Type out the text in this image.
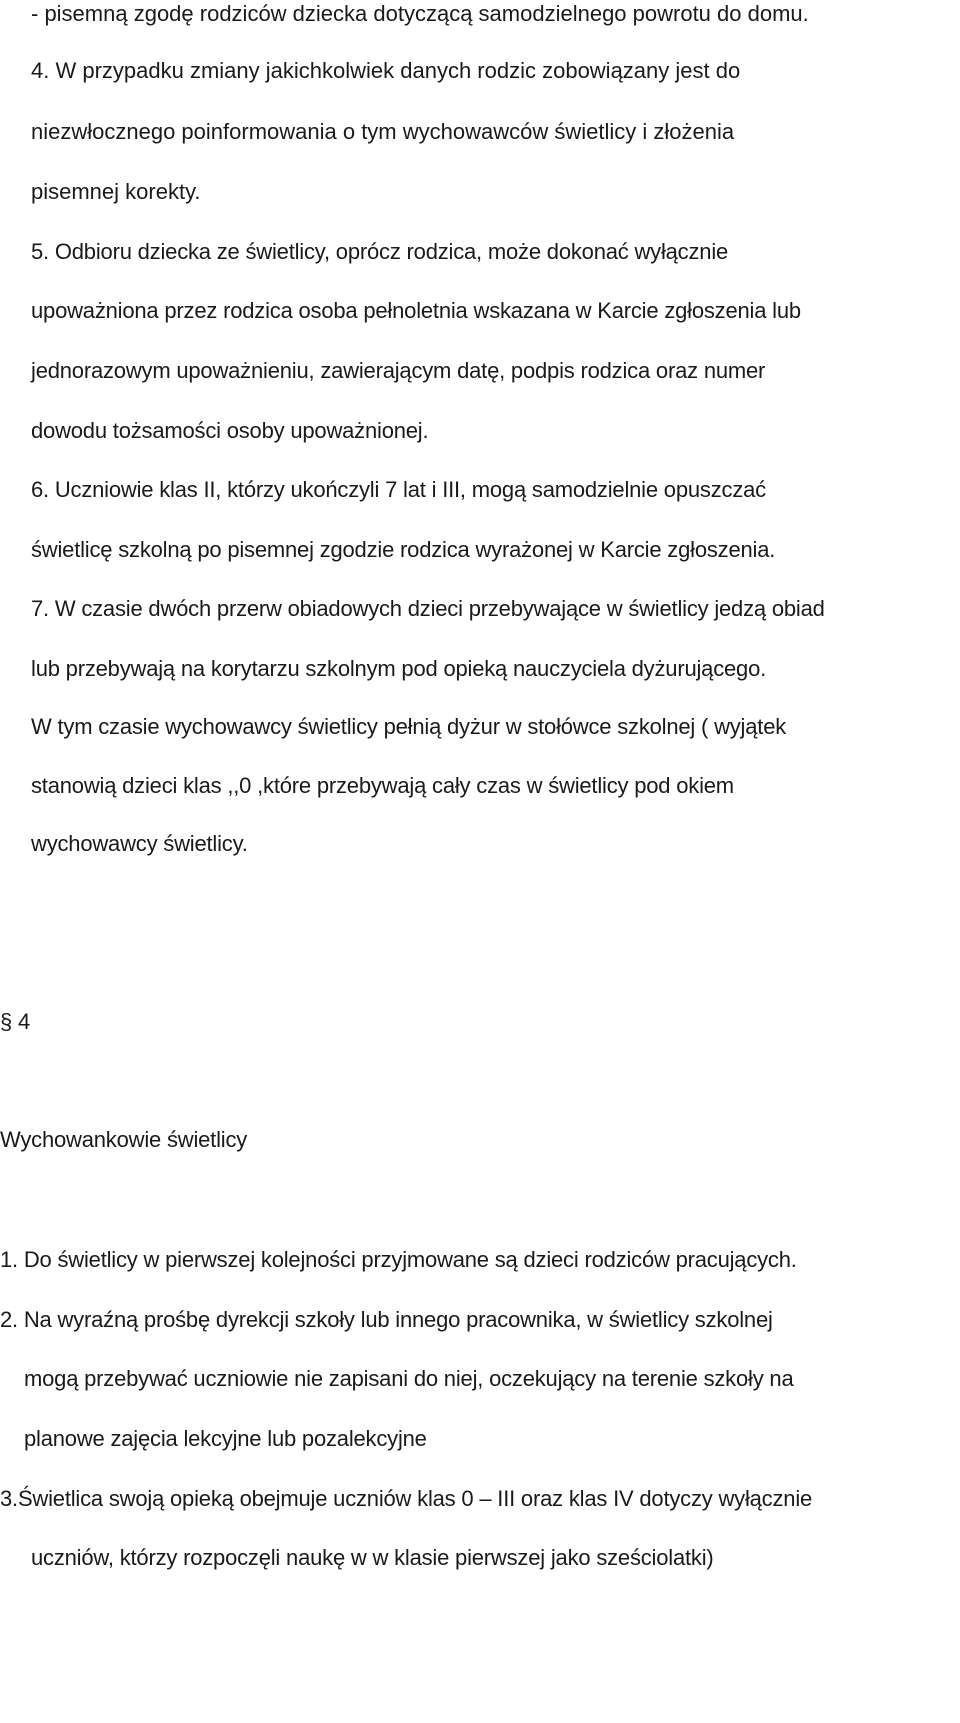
- pisemną zgodę rodziców dziecka dotyczącą samodzielnego powrotu do domu.
4. W przypadku zmiany jakichkolwiek danych rodzic zobowiązany jest do
niezwłocznego poinformowania o tym wychowawców świetlicy i złożenia
pisemnej korekty.
5. Odbioru dziecka ze świetlicy, oprócz rodzica, może dokonać wyłącznie
upoważniona przez rodzica osoba pełnoletnia wskazana w Karcie zgłoszenia lub
jednorazowym upoważnieniu, zawierającym datę, podpis rodzica oraz numer
dowodu tożsamości osoby upoważnionej.
6. Uczniowie klas II, którzy ukończyli 7 lat i III, mogą samodzielnie opuszczać
świetlicę szkolną po pisemnej zgodzie rodzica wyrażonej w Karcie zgłoszenia.
7. W czasie dwóch przerw obiadowych dzieci przebywające w świetlicy jedzą obiad
lub przebywają na korytarzu szkolnym pod opieką nauczyciela dyżurującego.
W tym czasie wychowawcy świetlicy pełnią dyżur w stołówce szkolnej ( wyjątek
stanowią dzieci klas ,,0 ,które przebywają cały czas w świetlicy pod okiem
wychowawcy świetlicy.
§ 4
Wychowankowie świetlicy
1. Do świetlicy w pierwszej kolejności przyjmowane są dzieci rodziców pracujących.
2. Na wyraźną prośbę dyrekcji szkoły lub innego pracownika, w świetlicy szkolnej
mogą przebywać uczniowie nie zapisani do niej, oczekujący na terenie szkoły na
planowe zajęcia lekcyjne lub pozalekcyjne
3.Świetlica swoją opieką obejmuje uczniów klas 0 – III oraz klas IV dotyczy wyłącznie
uczniów, którzy rozpoczęli naukę w w klasie pierwszej jako sześciolatki)
